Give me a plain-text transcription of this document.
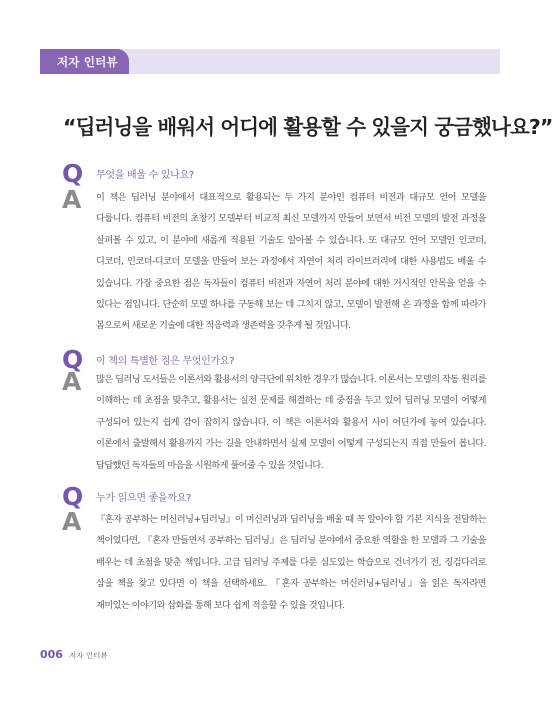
저자 인터뷰
“딥러닝을 배워서 어디에 활용할 수 있을지 궁금했나요?”
Q 무엇을 배울 수 있나요?
A 이 책은 딥러닝 분야에서 대표적으로 활용되는 두 가지 분야인 컴퓨터 비전과 대규모 언어 모델을 다룹니다. 컴퓨터 비전의 초창기 모델부터 비교적 최신 모델까지 만들어 보면서 비전 모델의 발전 과정을 살펴볼 수 있고, 이 분야에 새롭게 적용된 기술도 알아볼 수 있습니다. 또 대규모 언어 모델인 인코더, 디코더, 인코더-디코더 모델을 만들어 보는 과정에서 자연어 처리 라이브러리에 대한 사용법도 배울 수 있습니다. 가장 중요한 점은 독자들이 컴퓨터 비전과 자연어 처리 분야에 대한 거시적인 안목을 얻을 수 있다는 점입니다. 단순히 모델 하나를 구동해 보는 데 그치지 않고, 모델이 발전해 온 과정을 함께 따라가 봄으로써 새로운 기술에 대한 적응력과 생존력을 갖추게 될 것입니다.

Q 이 책의 특별한 점은 무엇인가요?
A 많은 딥러닝 도서들은 이론서와 활용서의 양극단에 위치한 경우가 많습니다. 이론서는 모델의 작동 원리를 이해하는 데 초점을 맞추고, 활용서는 실전 문제를 해결하는 데 중점을 두고 있어 딥러닝 모델이 어떻게 구성되어 있는지 쉽게 감이 잡히지 않습니다. 이 책은 이론서와 활용서 사이 어딘가에 놓여 있습니다. 이론에서 출발해서 활용까지 가는 길을 안내하면서 실제 모델이 어떻게 구성되는지 직접 만들어 봅니다. 답답했던 독자들의 마음을 시원하게 풀어줄 수 있을 것입니다.

Q 누가 읽으면 좋을까요?
A 『혼자 공부하는 머신러닝+딥러닝』이 머신러닝과 딥러닝을 배울 때 꼭 알아야 할 기본 지식을 전달하는 책이었다면, 『혼자 만들면서 공부하는 딥러닝』은 딥러닝 분야에서 중요한 역할을 한 모델과 그 기술을 배우는 데 초점을 맞춘 책입니다. 고급 딥러닝 주제를 다룬 심도있는 학습으로 건너가기 전, 징검다리로 삼을 책을 찾고 있다면 이 책을 선택하세요. 『혼자 공부하는 머신러닝+딥러닝』을 읽은 독자라면 재미있는 이야기와 삽화를 통해 보다 쉽게 적응할 수 있을 것입니다.

006 저자 인터뷰
